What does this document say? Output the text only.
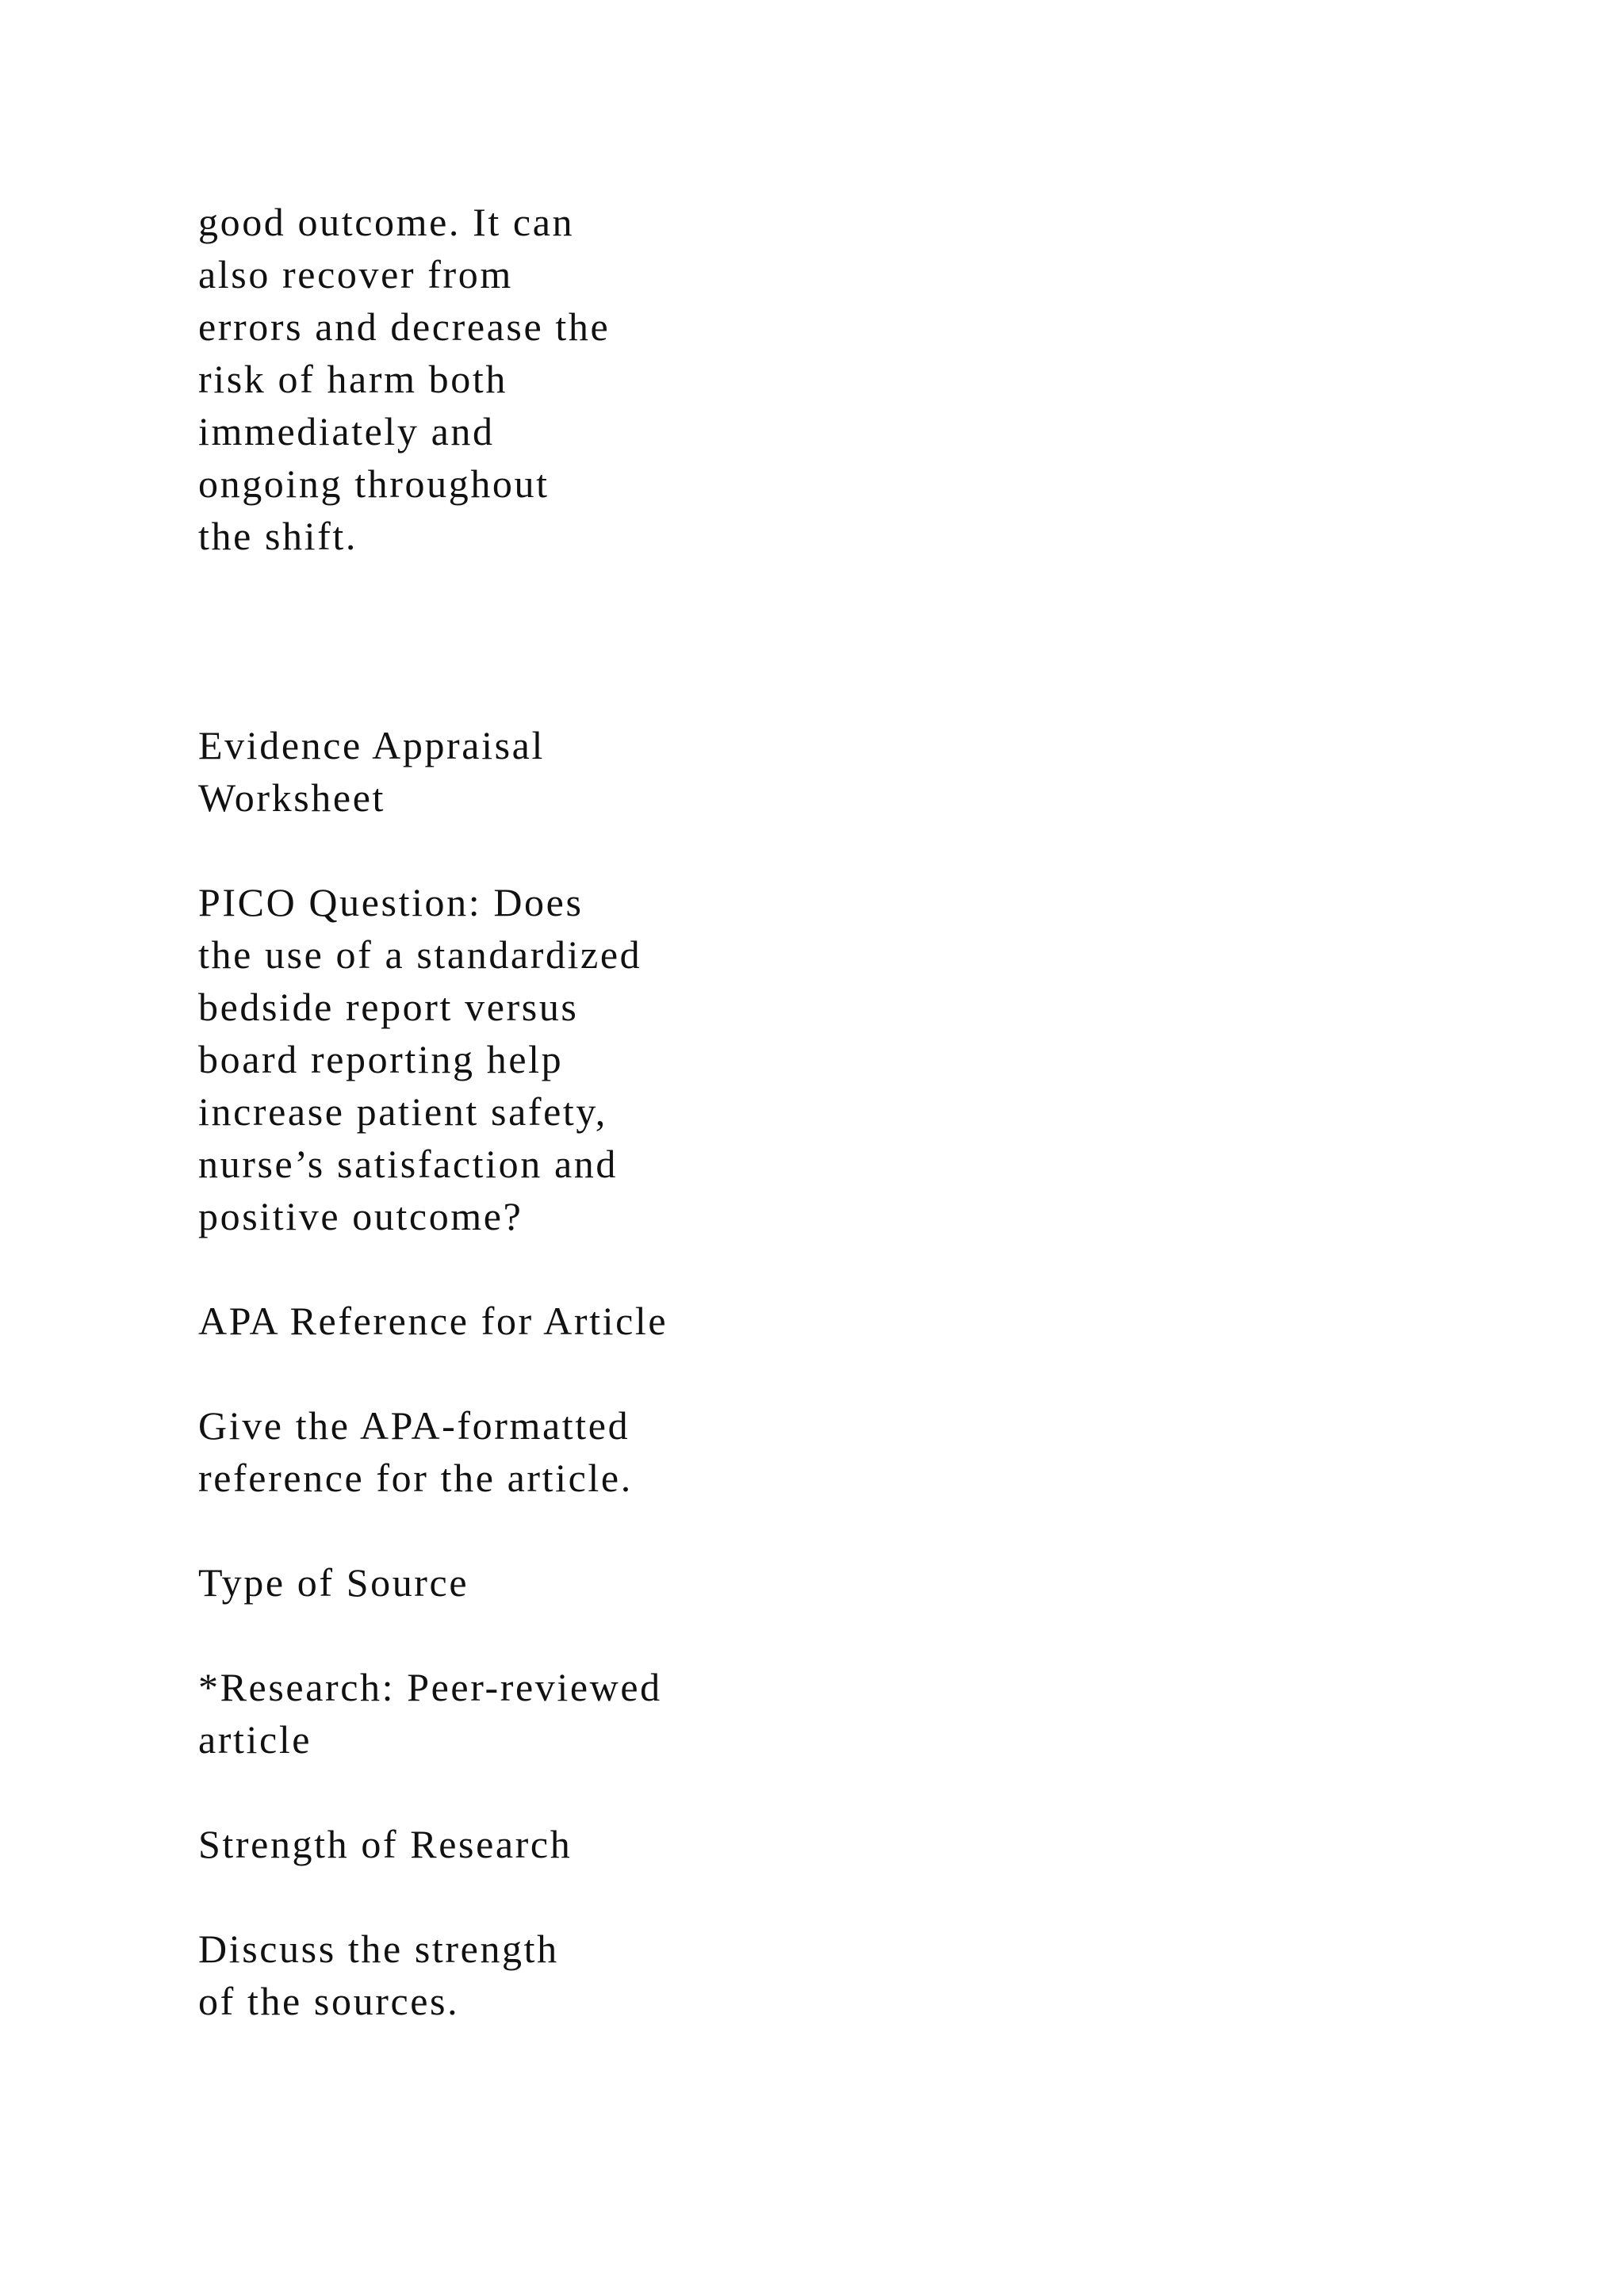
good outcome. It can

also recover from

errors and decrease the

risk of harm both

immediately and

ongoing throughout

the shift.

Evidence Appraisal

Worksheet

PICO Question: Does

the use of a standardized

bedside report versus

board reporting help

increase patient safety,

nurse’s satisfaction and

positive outcome?

APA Reference for Article

Give the APA-formatted

reference for the article.

Type of Source

*Research: Peer-reviewed

article

Strength of Research

Discuss the strength

of the sources.
